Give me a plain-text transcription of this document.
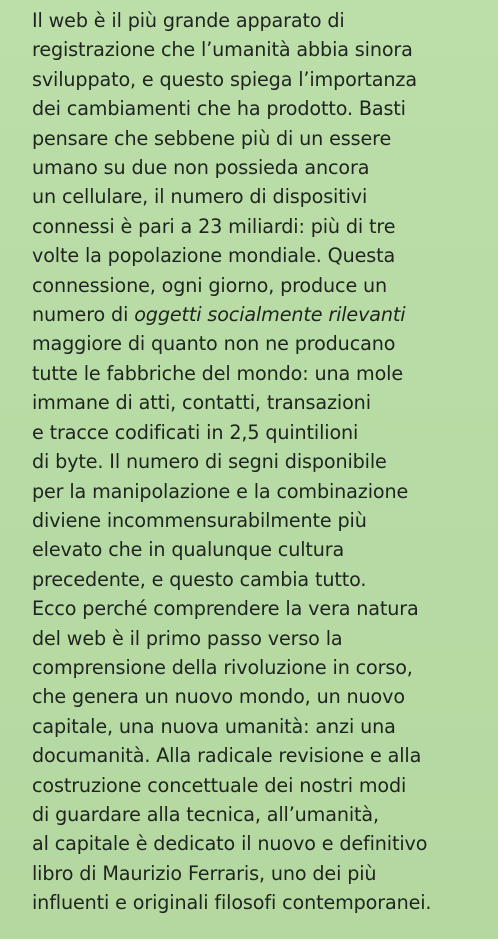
Il web è il più grande apparato di
registrazione che l’umanità abbia sinora
sviluppato, e questo spiega l’importanza
dei cambiamenti che ha prodotto. Basti
pensare che sebbene più di un essere
umano su due non possieda ancora
un cellulare, il numero di dispositivi
connessi è pari a 23 miliardi: più di tre
volte la popolazione mondiale. Questa
connessione, ogni giorno, produce un
numero di oggetti socialmente rilevanti
maggiore di quanto non ne producano
tutte le fabbriche del mondo: una mole
immane di atti, contatti, transazioni
e tracce codificati in 2,5 quintilioni
di byte. Il numero di segni disponibile
per la manipolazione e la combinazione
diviene incommensurabilmente più
elevato che in qualunque cultura
precedente, e questo cambia tutto.
Ecco perché comprendere la vera natura
del web è il primo passo verso la
comprensione della rivoluzione in corso,
che genera un nuovo mondo, un nuovo
capitale, una nuova umanità: anzi una
documanità. Alla radicale revisione e alla
costruzione concettuale dei nostri modi
di guardare alla tecnica, all’umanità,
al capitale è dedicato il nuovo e definitivo
libro di Maurizio Ferraris, uno dei più
influenti e originali filosofi contemporanei.
